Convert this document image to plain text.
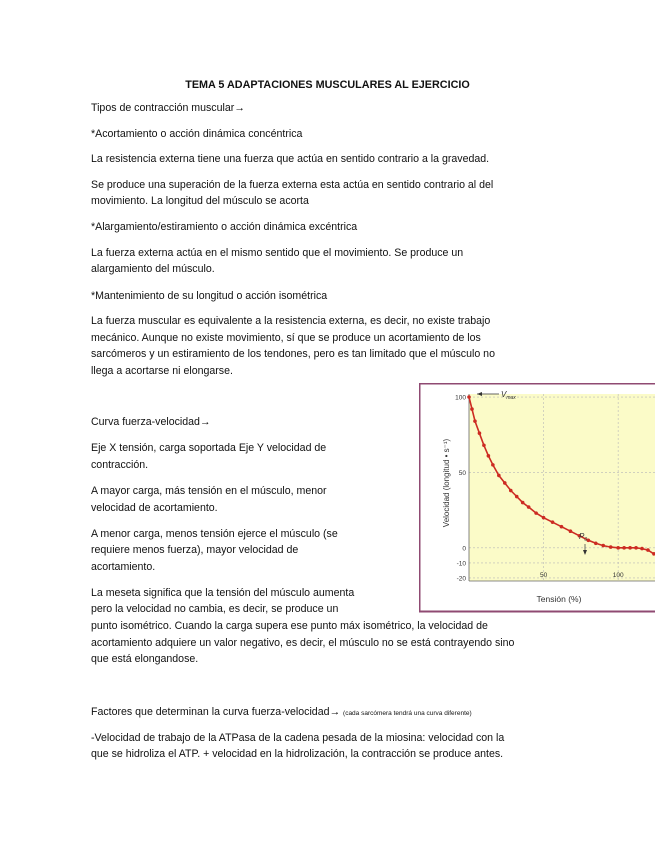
TEMA 5 ADAPTACIONES MUSCULARES AL EJERCICIO

Tipos de contracción muscular→

*Acortamiento o acción dinámica concéntrica

La resistencia externa tiene una fuerza que actúa en sentido contrario a la gravedad.

Se produce una superación de la fuerza externa esta actúa en sentido contrario al del

movimiento. La longitud del músculo se acorta

*Alargamiento/estiramiento o acción dinámica excéntrica

La fuerza externa actúa en el mismo sentido que el movimiento. Se produce un

alargamiento del músculo.

*Mantenimiento de su longitud o acción isométrica

La fuerza muscular es equivalente a la resistencia externa, es decir, no existe trabajo

mecánico. Aunque no existe movimiento, sí que se produce un acortamiento de los

sarcómeros y un estiramiento de los tendones, pero es tan limitado que el músculo no

llega a acortarse ni elongarse.

Curva fuerza-velocidad→

Eje X tensión, carga soportada Eje Y velocidad de

contracción.

A mayor carga, más tensión en el músculo, menor

velocidad de acortamiento.

A menor carga, menos tensión ejerce el músculo (se

requiere menos fuerza), mayor velocidad de

acortamiento.

La meseta significa que la tensión del músculo aumenta

pero la velocidad no cambia, es decir, se produce un

punto isométrico. Cuando la carga supera ese punto máx isométrico, la velocidad de

acortamiento adquiere un valor negativo, es decir, el músculo no se está contrayendo sino

que está elongandose.

Factores que determinan la curva fuerza-velocidad→ (cada sarcómera tendrá una curva diferente)

-Velocidad de trabajo de la ATPasa de la cadena pesada de la miosina: velocidad con la

que se hidroliza el ATP. + velocidad en la hidrolización, la contracción se produce antes.

100
50
0
-10
-20	50	100
$V_{max}$
$P_0$
Tensión (%)
Velocidad (longitud • s⁻¹)
